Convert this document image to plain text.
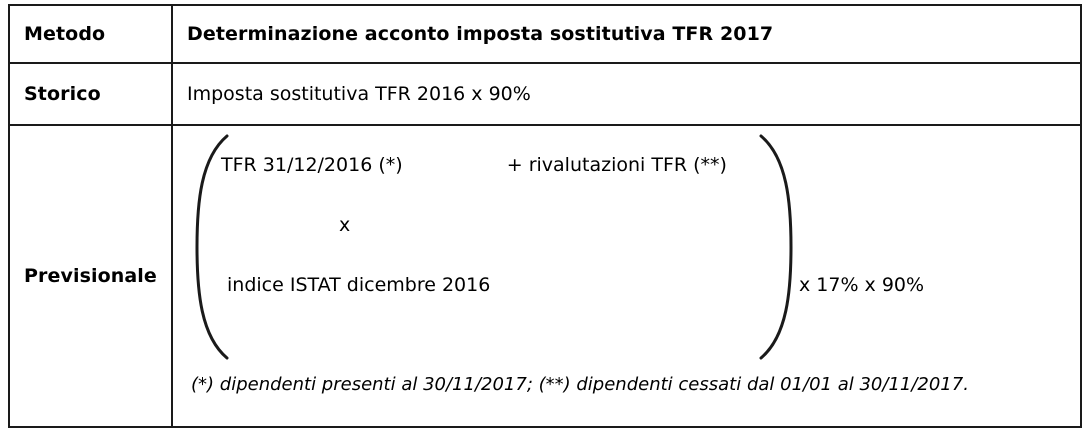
Metodo	Determinazione acconto imposta sostitutiva TFR 2017

Storico	Imposta sostitutiva TFR 2016 x 90%

Previsionale	TFR 31/12/2016 (*) + rivalutazioni TFR (**)
x
indice ISTAT dicembre 2016 x 17% x 90%
(*) dipendenti presenti al 30/11/2017; (**) dipendenti cessati dal 01/01 al 30/11/2017.
